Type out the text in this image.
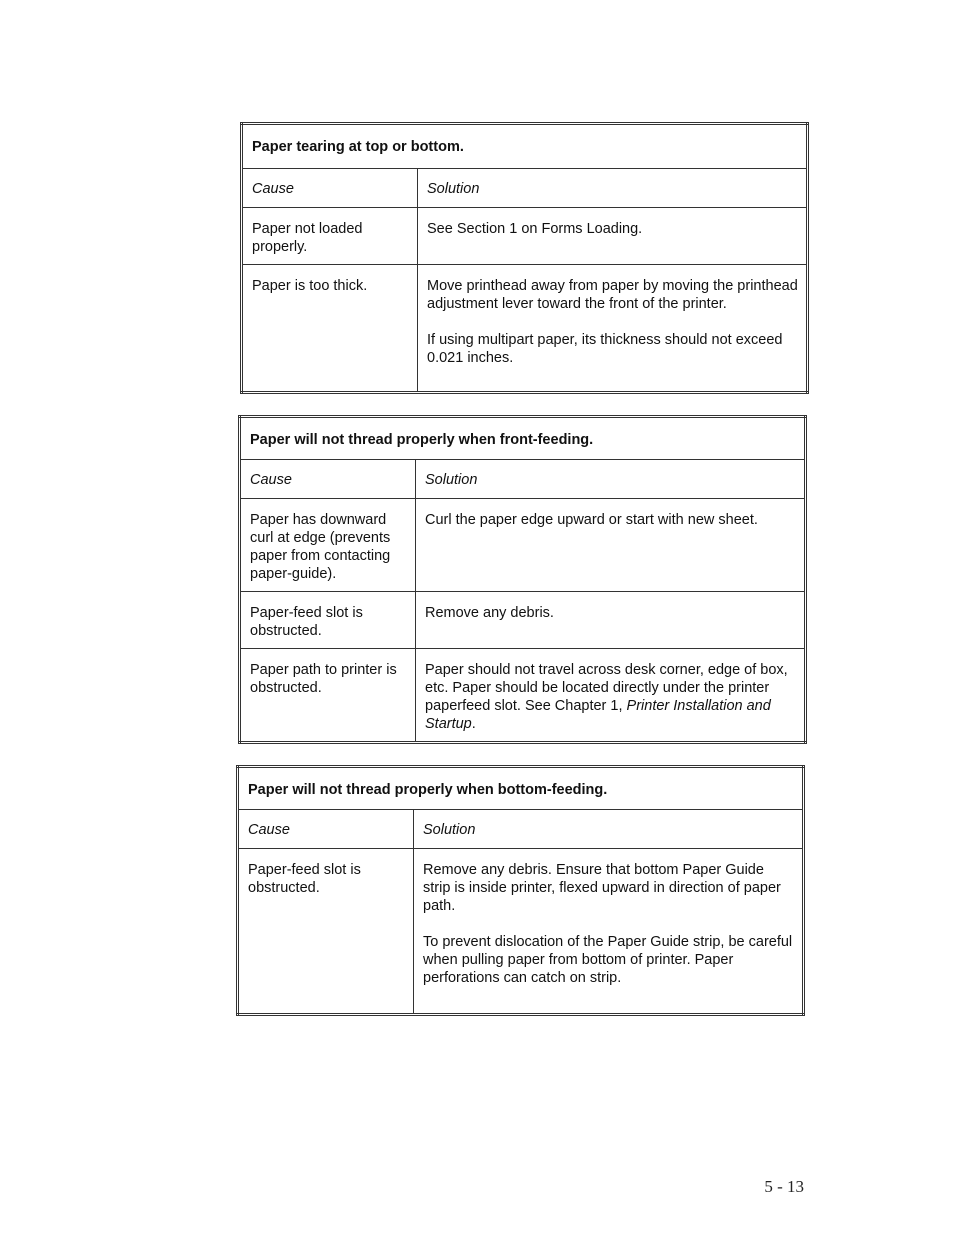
Paper tearing at top or bottom.	
Cause	Solution
Paper not loaded properly.	See Section 1 on Forms Loading.

Paper is too thick.	Move printhead away from paper by moving the printhead adjustment lever toward the front of the printer.
If using multipart paper, its thickness should not exceed 0.021 inches.
Paper will not thread properly when front-feeding.	
Cause	Solution
Paper has downward curl at edge (prevents paper from contacting paper-guide).	Curl the paper edge upward or start with new sheet.

Paper-feed slot is obstructed.	Remove any debris.

Paper path to printer is obstructed.	Paper should not travel across desk corner, edge of box, etc. Paper should be located directly under the printer paperfeed slot. See Chapter 1, Printer Installation and Startup.
Paper will not thread properly when bottom-feeding.	
Cause	Solution
Paper-feed slot is obstructed.	Remove any debris. Ensure that bottom Paper Guide strip is inside printer, flexed upward in direction of paper path.
To prevent dislocation of the Paper Guide strip, be careful when pulling paper from bottom of printer. Paper perforations can catch on strip.
5 - 13
